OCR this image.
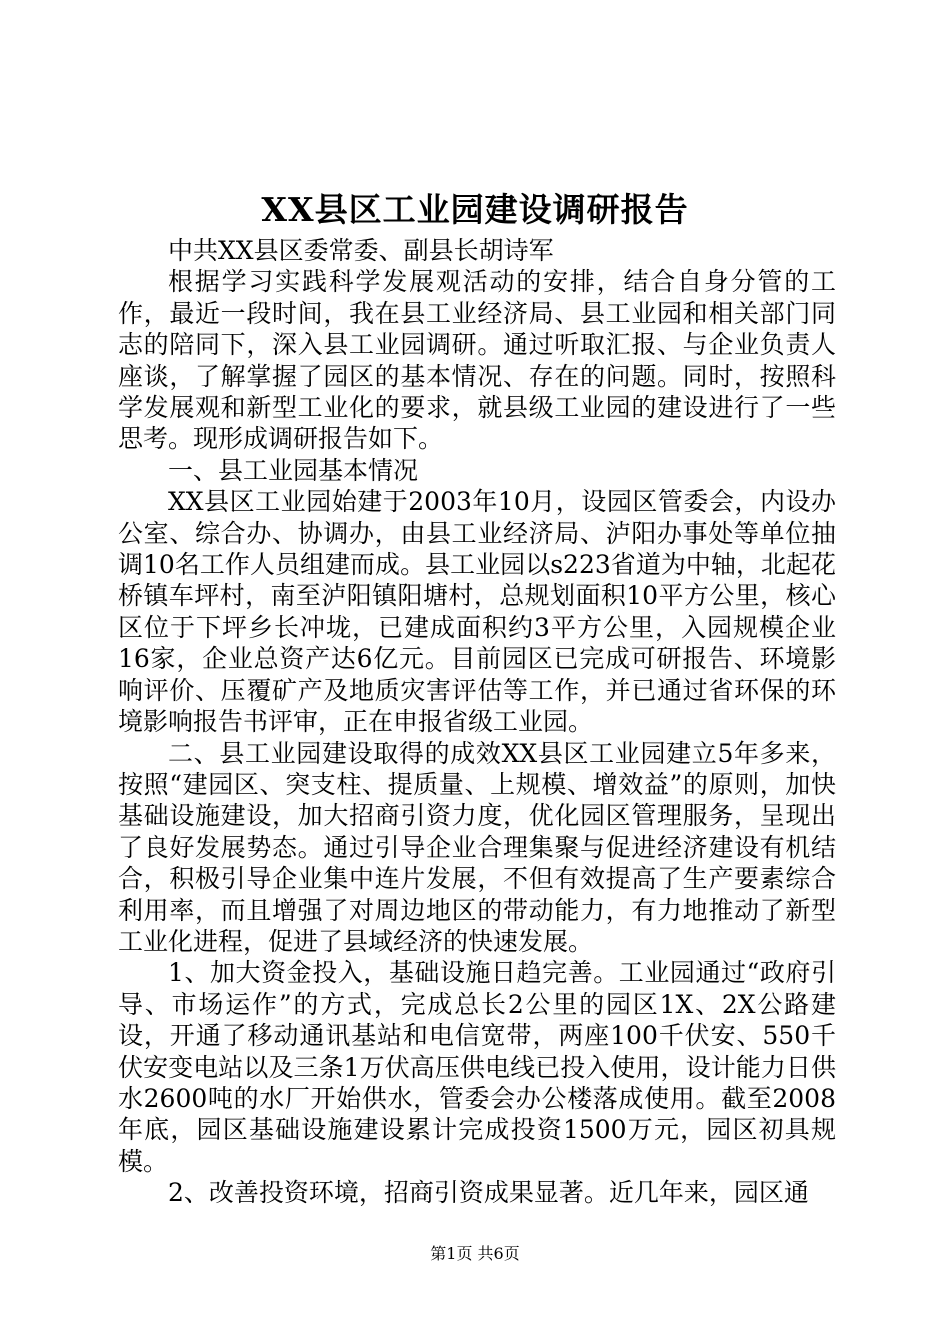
XX县区工业园建设调研报告

中共XX县区委常委、副县长胡诗军

根据学习实践科学发展观活动的安排，结合自身分管的工作，最近一段时间，我在县工业经济局、县工业园和相关部门同志的陪同下，深入县工业园调研。通过听取汇报、与企业负责人座谈，了解掌握了园区的基本情况、存在的问题。同时，按照科学发展观和新型工业化的要求，就县级工业园的建设进行了一些思考。现形成调研报告如下。

一、县工业园基本情况

XX县区工业园始建于2003年10月，设园区管委会，内设办公室、综合办、协调办，由县工业经济局、泸阳办事处等单位抽调10名工作人员组建而成。县工业园以s223省道为中轴，北起花桥镇车坪村，南至泸阳镇阳塘村，总规划面积10平方公里，核心区位于下坪乡长冲垅，已建成面积约3平方公里，入园规模企业16家，企业总资产达6亿元。目前园区已完成可研报告、环境影响评价、压覆矿产及地质灾害评估等工作，并已通过省环保的环境影响报告书评审，正在申报省级工业园。

二、县工业园建设取得的成效XX县区工业园建立5年多来，按照“建园区、突支柱、提质量、上规模、增效益”的原则，加快基础设施建设，加大招商引资力度，优化园区管理服务，呈现出了良好发展势态。通过引导企业合理集聚与促进经济建设有机结合，积极引导企业集中连片发展，不但有效提高了生产要素综合利用率，而且增强了对周边地区的带动能力，有力地推动了新型工业化进程，促进了县域经济的快速发展。

1、加大资金投入，基础设施日趋完善。工业园通过“政府引导、市场运作”的方式，完成总长2公里的园区1X、2X公路建设，开通了移动通讯基站和电信宽带，两座100千伏安、550千伏安变电站以及三条1万伏高压供电线已投入使用，设计能力日供水2600吨的水厂开始供水，管委会办公楼落成使用。截至2008年底，园区基础设施建设累计完成投资1500万元，园区初具规模。

2、改善投资环境，招商引资成果显著。近几年来，园区通

第1页 共6页
